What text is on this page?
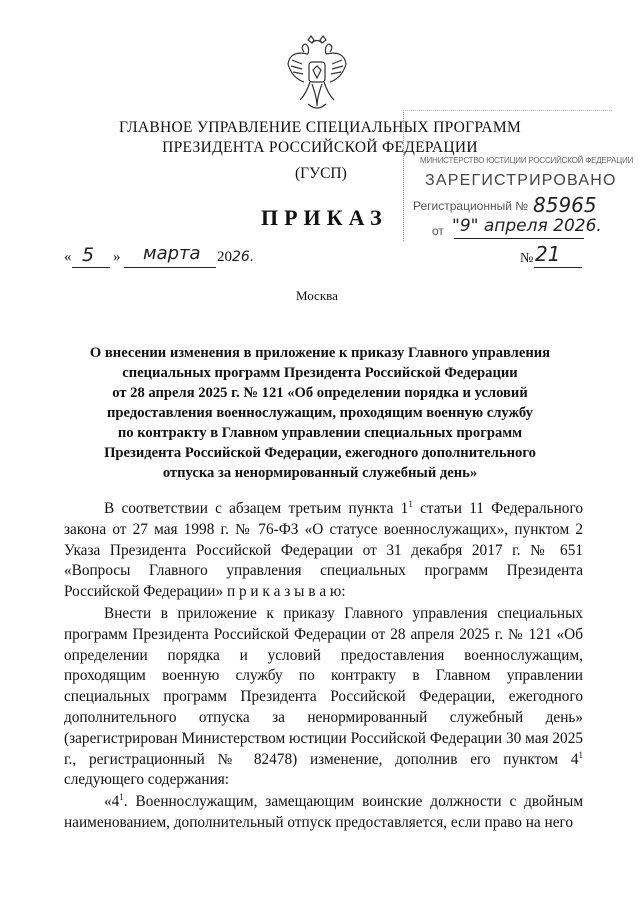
ГЛАВНОЕ УПРАВЛЕНИЕ СПЕЦИАЛЬНЫХ ПРОГРАММ
ПРЕЗИДЕНТА РОССИЙСКОЙ ФЕДЕРАЦИИ
(ГУСП)
ПРИКАЗ
МИНИСТЕРСТВО ЮСТИЦИИ РОССИЙСКОЙ ФЕДЕРАЦИИ
ЗАРЕГИСТРИРОВАНО
Регистрационный № 85965
от "9" апреля 2026.
« 5 » марта 20 26.	№ 21
Москва
О внесении изменения в приложение к приказу Главного управления
специальных программ Президента Российской Федерации
от 28 апреля 2025 г. № 121 «Об определении порядка и условий
предоставления военнослужащим, проходящим военную службу
по контракту в Главном управлении специальных программ
Президента Российской Федерации, ежегодного дополнительного
отпуска за ненормированный служебный день»

В соответствии с абзацем третьим пункта $1^1$ статьи 11 Федерального закона от 27 мая 1998 г. № 76-ФЗ «О статусе военнослужащих», пунктом 2 Указа Президента Российской Федерации от 31 декабря 2017 г. № 651 «Вопросы Главного управления специальных программ Президента Российской Федерации» п р и к а з ы в а ю:

Внести в приложение к приказу Главного управления специальных программ Президента Российской Федерации от 28 апреля 2025 г. № 121 «Об определении порядка и условий предоставления военнослужащим, проходящим военную службу по контракту в Главном управлении специальных программ Президента Российской Федерации, ежегодного дополнительного отпуска за ненормированный служебный день» (зарегистрирован Министерством юстиции Российской Федерации 30 мая 2025 г., регистрационный № 82478) изменение, дополнив его пунктом $4^1$ следующего содержания:

«$4^1$. Военнослужащим, замещающим воинские должности с двойным наименованием, дополнительный отпуск предоставляется, если право на него
